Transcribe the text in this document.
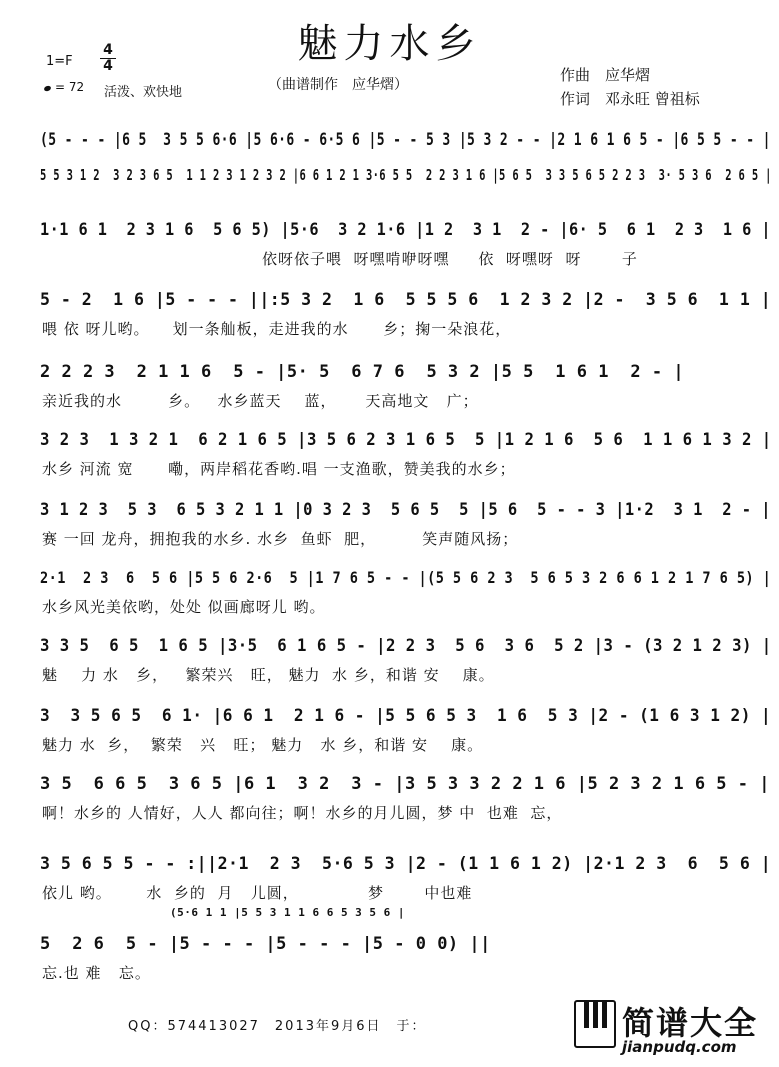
魅力水乡
1=F
4
4
= 72 活泼、欢快地	（曲谱制作　应华熠）
作曲　应华熠
作词　邓永旺 曾祖标
(5 - - - |6 5  3 5 5 6·6 |5 6·6 - 6·5 6 |5 - - 5 3 |5 3 2 - - |2 1 6 1 6 5 - |6 5 5 - - |
5 5 3 1 2  3 2 3 6 5  1 1 2 3 1 2 3 2 |6 6 1 2 1 3·6 5 5  2 2 3 1 6 |5 6 5  3 3 5 6 5 2 2 3  3· 5 3 6  2 6 5 |
1·1 6 1  2 3 1 6  5 6 5) |5·6  3 2 1·6 |1 2  3 1  2 - |6· 5  6 1  2 3  1 6 |
依呀依子喂  呀嘿啃咿呀嘿     依  呀嘿呀  呀       子
5 - 2  1 6 |5 - - - ||:5 3 2  1 6  5 5 5 6  1 2 3 2 |2 -  3 5 6  1 1 |
喂 依 呀儿哟。    划一条舢板，走进我的水      乡；掬一朵浪花，
2 2 2 3  2 1 1 6  5 - |5· 5  6 7 6  5 3 2 |5 5  1 6 1  2 - |
亲近我的水        乡。   水乡蓝天    蓝，     天高地文   广；
3 2 3  1 3 2 1  6 2 1 6 5 |3 5 6 2 3 1 6 5  5 |1 2 1 6  5 6  1 1 6 1 3 2 |
水乡 河流 宽      嘞，两岸稻花香哟.唱 一支渔歌，赞美我的水乡；
3 1 2 3  5 3  6 5 3 2 1 1 |0 3 2 3  5 6 5  5 |5 6  5 - - 3 |1·2  3 1  2 - |
赛 一回 龙舟，拥抱我的水乡. 水乡  鱼虾  肥，        笑声随风扬；
2·1  2 3  6  5 6 |5 5 6 2·6  5 |1 7 6 5 - - |(5 5 6 2 3  5 6 5 3 2 6 6 1 2 1 7 6 5) |
水乡风光美依哟，处处 似画廊呀儿 哟。
3 3 5  6 5  1 6 5 |3·5  6 1 6 5 - |2 2 3  5 6  3 6  5 2 |3 - (3 2 1 2 3) |
魅    力 水   乡，   繁荣兴   旺， 魅力  水 乡，和谐 安    康。
3  3 5 6 5  6 1· |6 6 1  2 1 6 - |5 5 6 5 3  1 6  5 3 |2 - (1 6 3 1 2) |
魅力 水  乡，  繁荣   兴   旺； 魅力   水 乡，和谐 安    康。
3 5  6 6 5  3 6 5 |6 1  3 2  3 - |3 5 3 3 2 2 1 6 |5 2 3 2 1 6 5 - |
啊！水乡的 人情好，人人 都向往；啊！水乡的月儿圆，梦 中  也难  忘，
3 5 6 5 5 - - :||2·1  2 3  5·6 5 3 |2 - (1 1 6 1 2) |2·1 2 3  6  5 6 |
依儿 哟。      水  乡的  月   儿圆，            梦       中也难
(5·6 1 1 |5 5 3 1 1 6 6 5 3 5 6 |
5  2 6  5 - |5 - - - |5 - - - |5 - 0 0) ||
忘.也 难   忘。
QQ：574413027　2013年9月6日　于：	简谱大全
jianpudq.com
